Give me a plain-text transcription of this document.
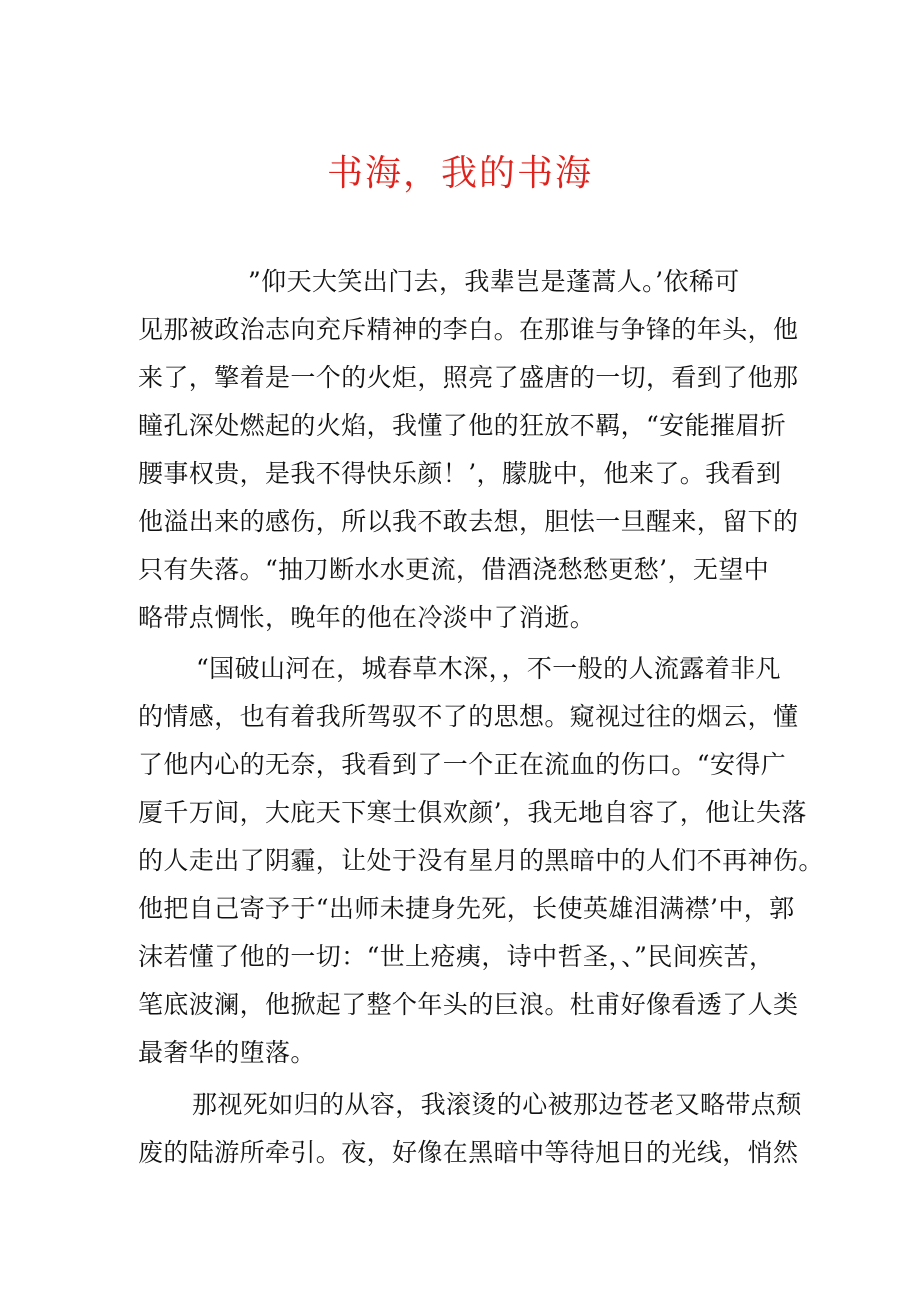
书海，我的书海
”仰天大笑出门去，我辈岂是蓬蒿人。’依稀可
见那被政治志向充斥精神的李白。在那谁与争锋的年头，他
来了，擎着是一个的火炬，照亮了盛唐的一切，看到了他那
瞳孔深处燃起的火焰，我懂了他的狂放不羁，“安能摧眉折
腰事权贵，是我不得快乐颜！’，朦胧中，他来了。我看到
他溢出来的感伤，所以我不敢去想，胆怯一旦醒来，留下的
只有失落。“抽刀断水水更流，借酒浇愁愁更愁’，无望中
略带点惆怅，晚年的他在冷淡中了消逝。
“国破山河在，城春草木深，，不一般的人流露着非凡
的情感，也有着我所驾驭不了的思想。窥视过往的烟云，懂
了他内心的无奈，我看到了一个正在流血的伤口。“安得广
厦千万间，大庇天下寒士俱欢颜’，我无地自容了，他让失落
的人走出了阴霾，让处于没有星月的黑暗中的人们不再神伤。
他把自己寄予于“出师未捷身先死，长使英雄泪满襟’中，郭
沫若懂了他的一切：“世上疮痍，诗中哲圣，、”民间疾苦，
笔底波澜，他掀起了整个年头的巨浪。杜甫好像看透了人类
最奢华的堕落。
那视死如归的从容，我滚烫的心被那边苍老又略带点颓
废的陆游所牵引。夜，好像在黑暗中等待旭日的光线，悄然
